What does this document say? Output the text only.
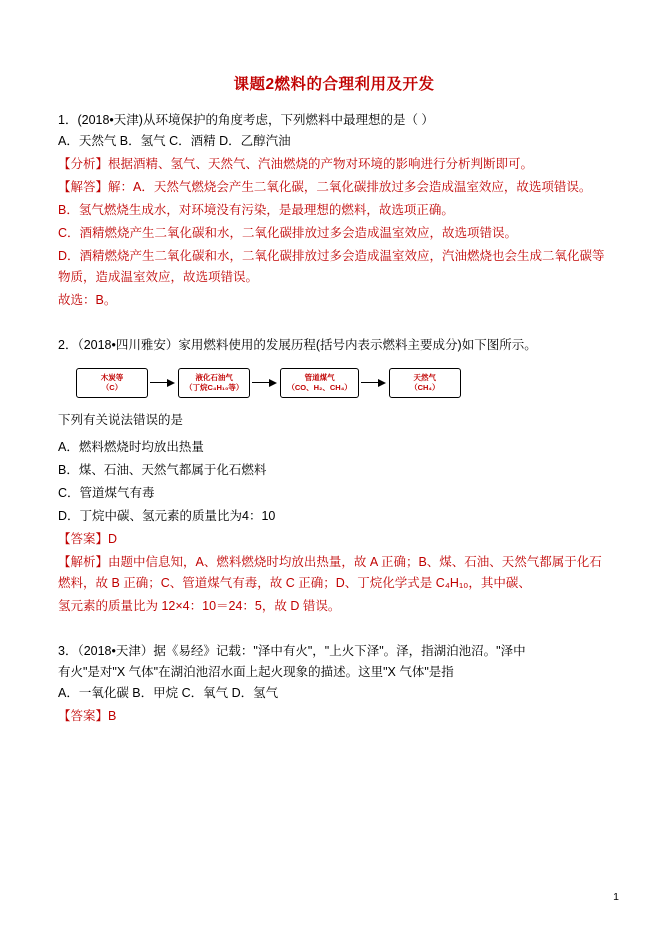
课题2燃料的合理利用及开发

1．(2018•天津)从环境保护的角度考虑，下列燃料中最理想的是（ ）

A．天然气 B．氢气 C．酒精 D．乙醇汽油

【分析】根据酒精、氢气、天然气、汽油燃烧的产物对环境的影响进行分析判断即可。

【解答】解：A．天然气燃烧会产生二氧化碳，二氧化碳排放过多会造成温室效应，故选项错误。

B．氢气燃烧生成水，对环境没有污染，是最理想的燃料，故选项正确。

C．酒精燃烧产生二氧化碳和水，二氧化碳排放过多会造成温室效应，故选项错误。

D．酒精燃烧产生二氧化碳和水，二氧化碳排放过多会造成温室效应，汽油燃烧也会生成二氧化碳等物质，造成温室效应，故选项错误。

故选：B。

2．（2018•四川雅安）家用燃料使用的发展历程(括号内表示燃料主要成分)如下图所示。

木炭等
（C）
液化石油气
（丁烷C₄H₁₀等）
管道煤气
（CO、H₂、CH₄）
天然气
（CH₄）

下列有关说法错误的是

A．燃料燃烧时均放出热量

B．煤、石油、天然气都属于化石燃料

C．管道煤气有毒

D．丁烷中碳、氢元素的质量比为4：10

【答案】D

【解析】由题中信息知，A、燃料燃烧时均放出热量，故 A 正确；B、煤、石油、天然气都属于化石燃料，故 B 正确；C、管道煤气有毒，故 C 正确；D、丁烷化学式是 C₄H₁₀，其中碳、

氢元素的质量比为 12×4：10＝24：5，故 D 错误。

3．（2018•天津）据《易经》记载："泽中有火"，"上火下泽"。泽，指湖泊池沼。"泽中

有火"是对"X 气体"在湖泊池沼水面上起火现象的描述。这里"X 气体"是指

A．一氧化碳 B．甲烷 C．氧气 D．氢气

【答案】B

1
